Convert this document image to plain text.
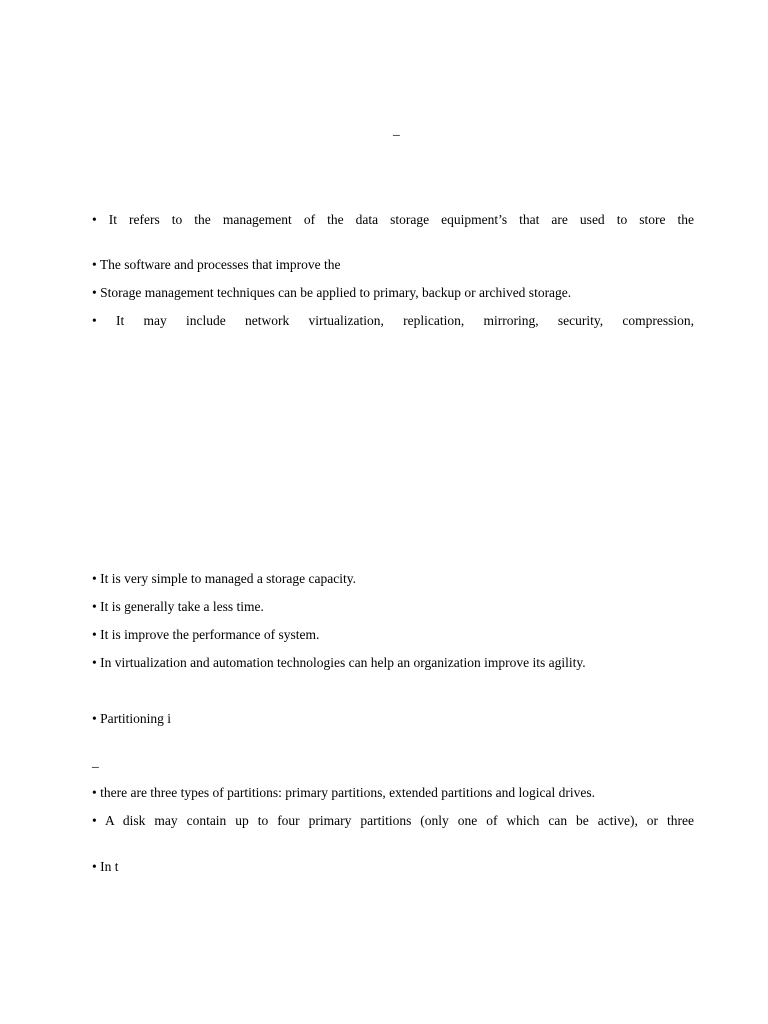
_
• It refers to the management of the data storage equipment’s that are used to store the
• The software and processes that improve the
• Storage management techniques can be applied to primary, backup or archived storage.
• It may include network virtualization, replication, mirroring, security, compression,
• It is very simple to managed a storage capacity.
• It is generally take a less time.
• It is improve the performance of system.
• In virtualization and automation technologies can help an organization improve its agility.
• Partitioning i
_
• there are three types of partitions: primary partitions, extended partitions and logical drives.
• A disk may contain up to four primary partitions (only one of which can be active), or three
• In t
